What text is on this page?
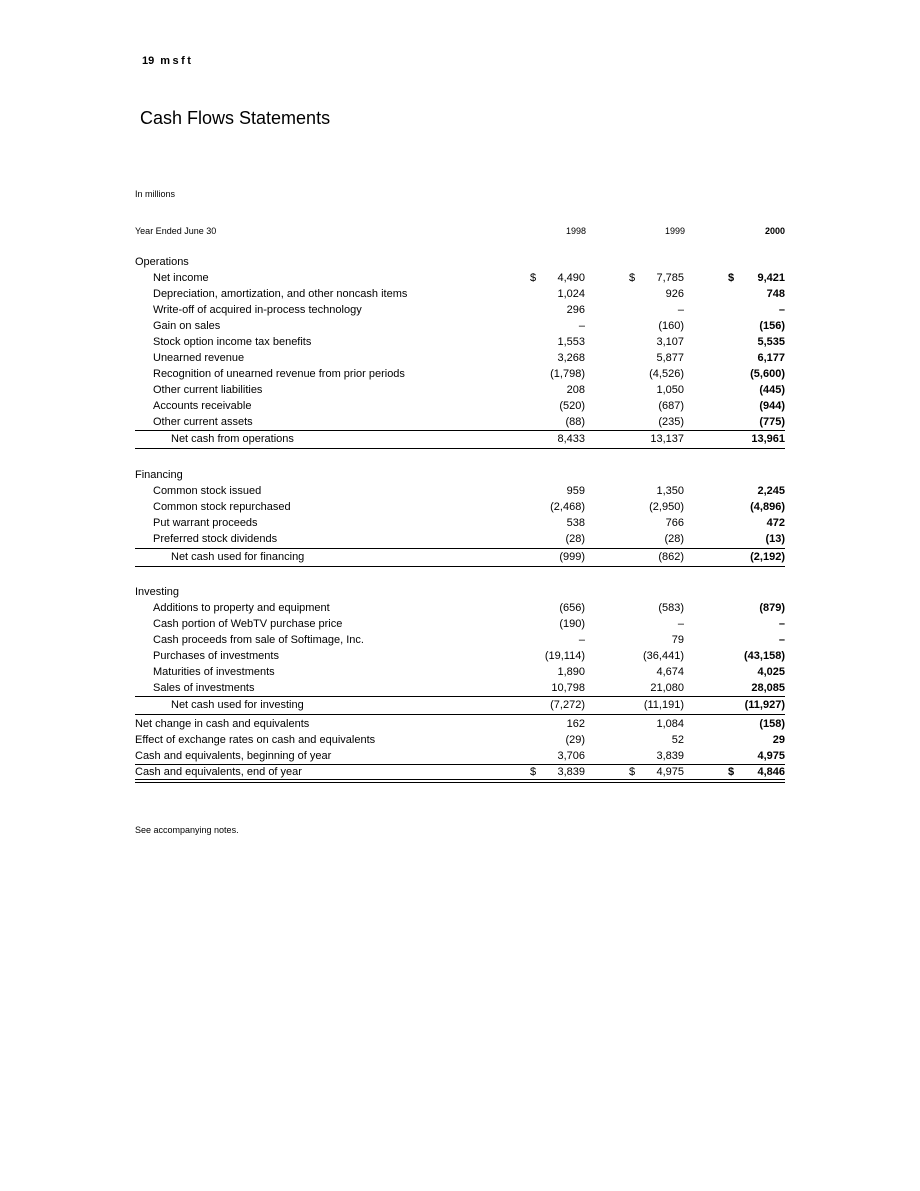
19 msft
Cash Flows Statements
In millions
Year Ended June 30	1998	1999	2000
Operations
Net income	$ 4,490	$ 7,785	$ 9,421
Depreciation, amortization, and other noncash items	1,024	926	748
Write-off of acquired in-process technology	296	–	–
Gain on sales	–	(160)	(156)
Stock option income tax benefits	1,553	3,107	5,535
Unearned revenue	3,268	5,877	6,177
Recognition of unearned revenue from prior periods	(1,798)	(4,526)	(5,600)
Other current liabilities	208	1,050	(445)
Accounts receivable	(520)	(687)	(944)
Other current assets	(88)	(235)	(775)
Net cash from operations	8,433	13,137	13,961
Financing
Common stock issued	959	1,350	2,245
Common stock repurchased	(2,468)	(2,950)	(4,896)
Put warrant proceeds	538	766	472
Preferred stock dividends	(28)	(28)	(13)
Net cash used for financing	(999)	(862)	(2,192)
Investing
Additions to property and equipment	(656)	(583)	(879)
Cash portion of WebTV purchase price	(190)	–	–
Cash proceeds from sale of Softimage, Inc.	–	79	–
Purchases of investments	(19,114)	(36,441)	(43,158)
Maturities of investments	1,890	4,674	4,025
Sales of investments	10,798	21,080	28,085
Net cash used for investing	(7,272)	(11,191)	(11,927)
Net change in cash and equivalents	162	1,084	(158)
Effect of exchange rates on cash and equivalents	(29)	52	29
Cash and equivalents, beginning of year	3,706	3,839	4,975
Cash and equivalents, end of year	$ 3,839	$ 4,975	$ 4,846
See accompanying notes.
